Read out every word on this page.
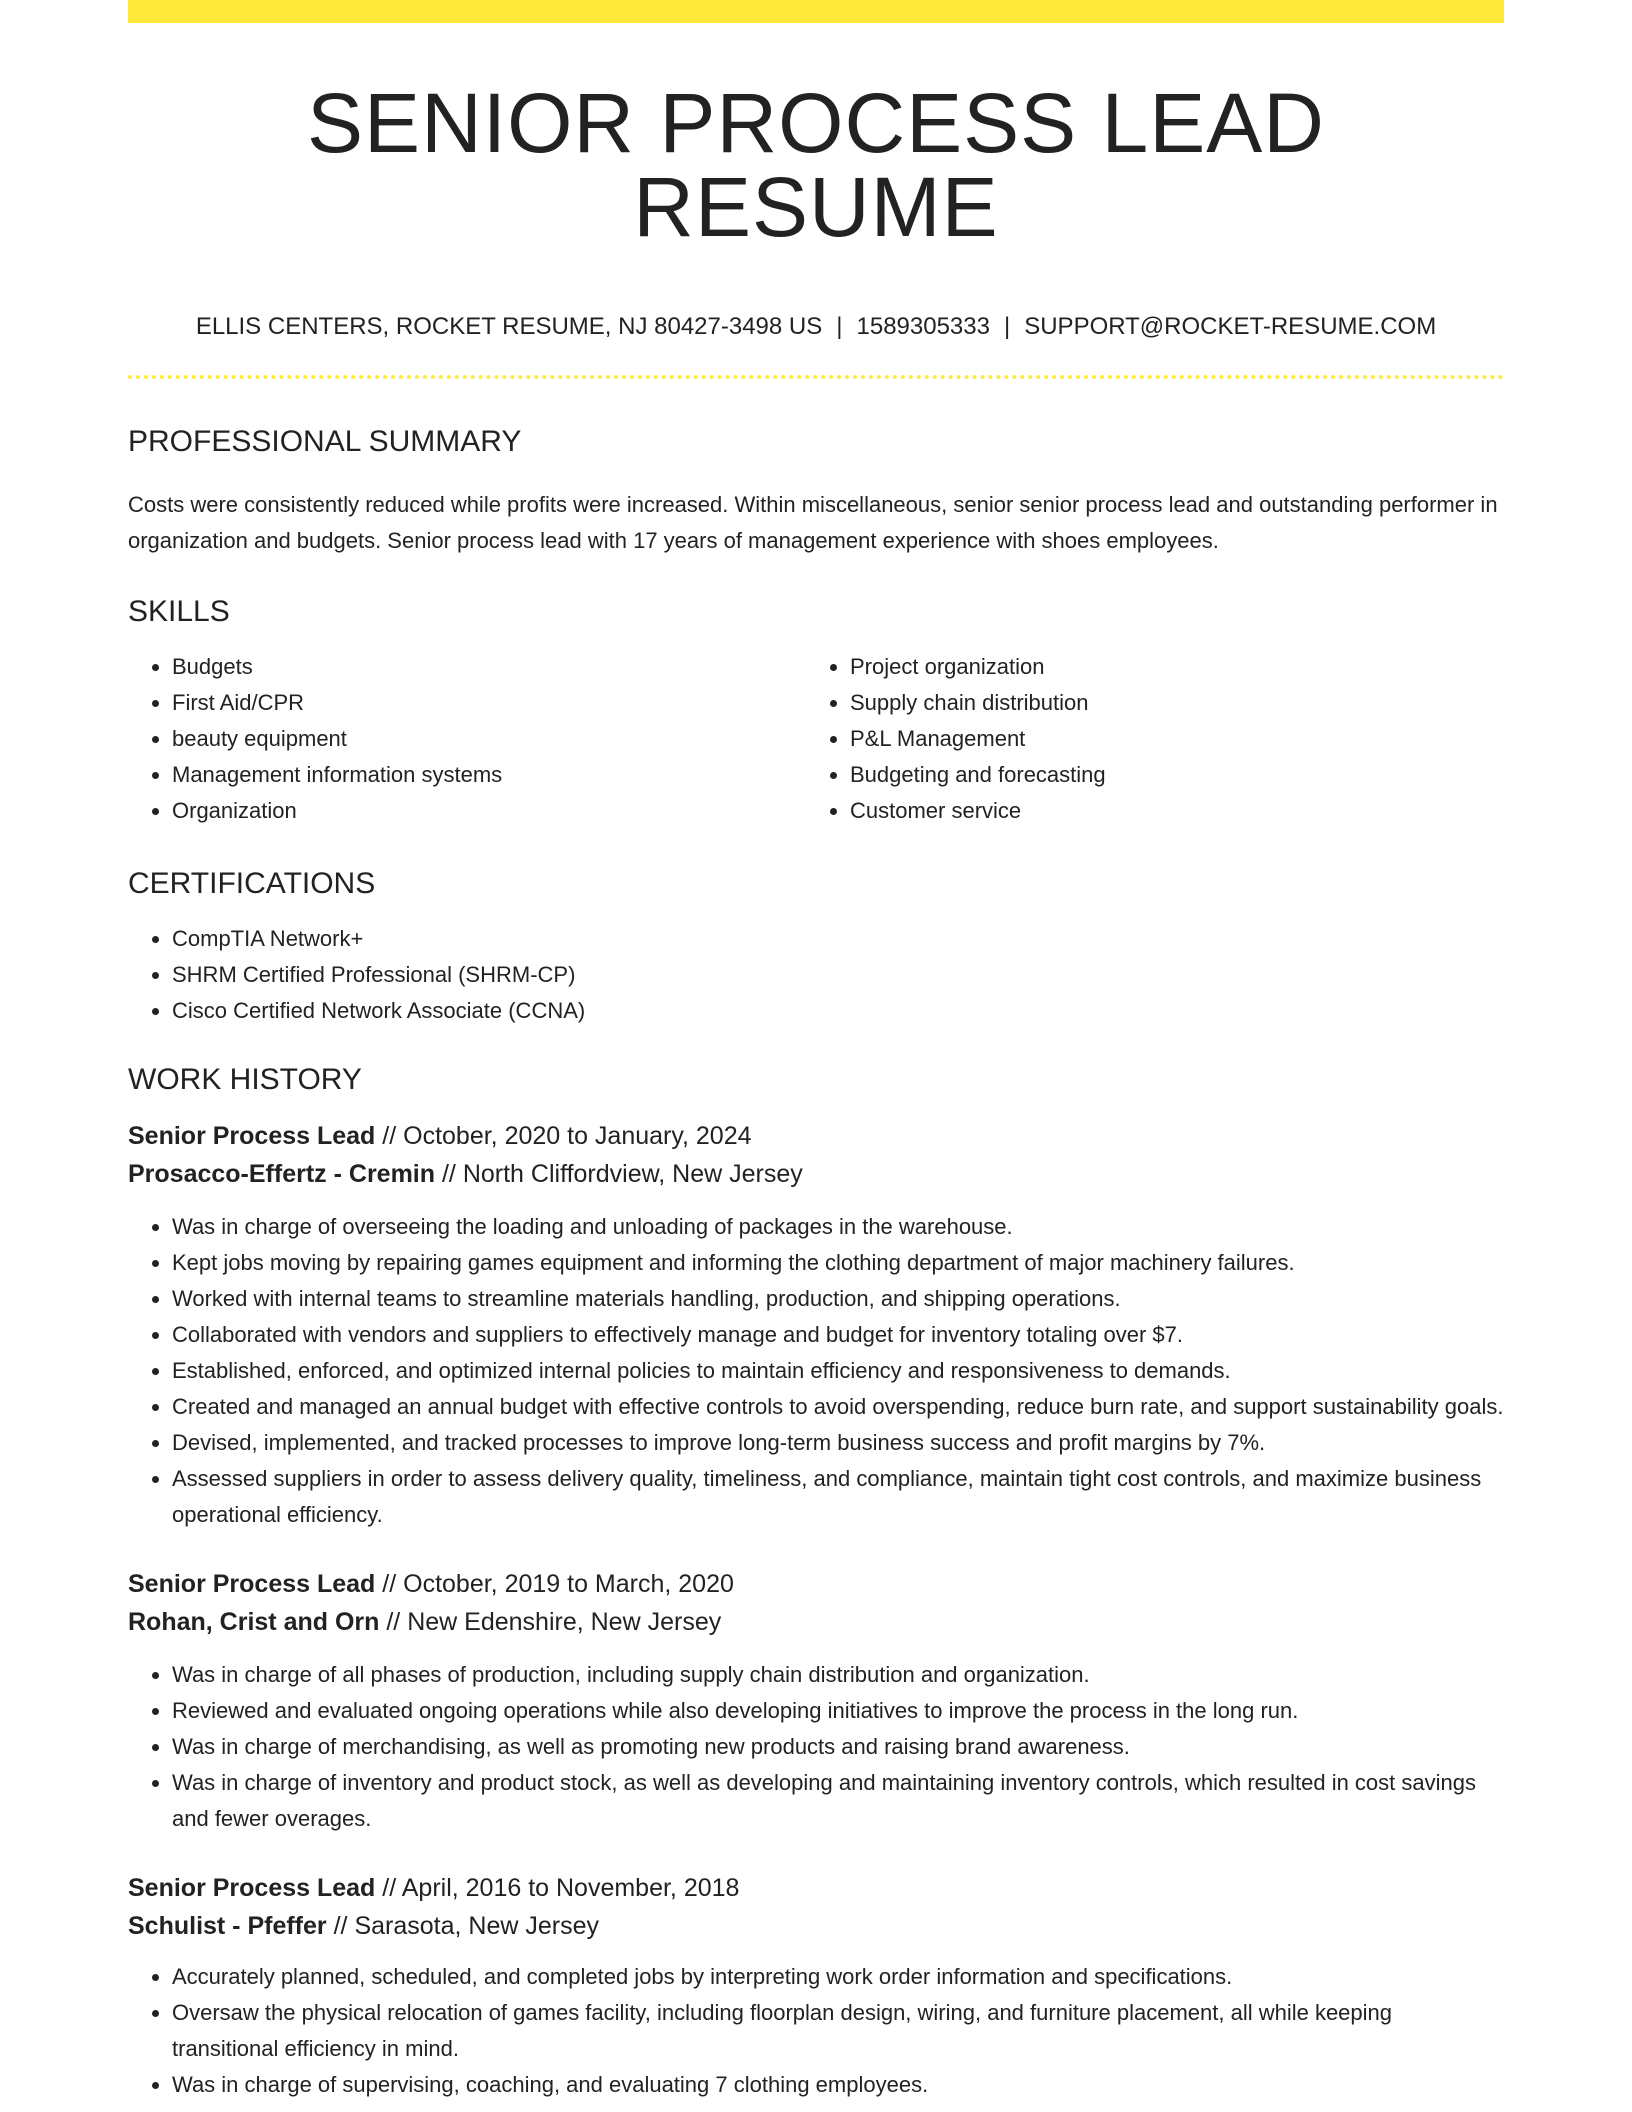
SENIOR PROCESS LEAD RESUME
ELLIS CENTERS, ROCKET RESUME, NJ 80427-3498 US | 1589305333 | SUPPORT@ROCKET-RESUME.COM
PROFESSIONAL SUMMARY

Costs were consistently reduced while profits were increased. Within miscellaneous, senior senior process lead and outstanding performer in organization and budgets. Senior process lead with 17 years of management experience with shoes employees.

SKILLS
• Budgets
• First Aid/CPR
• beauty equipment
• Management information systems
• Organization
• Project organization
• Supply chain distribution
• P&L Management
• Budgeting and forecasting
• Customer service
CERTIFICATIONS
• CompTIA Network+
• SHRM Certified Professional (SHRM-CP)
• Cisco Certified Network Associate (CCNA)
WORK HISTORY
Senior Process Lead // October, 2020 to January, 2024
Prosacco-Effertz - Cremin // North Cliffordview, New Jersey
• Was in charge of overseeing the loading and unloading of packages in the warehouse.
• Kept jobs moving by repairing games equipment and informing the clothing department of major machinery failures.
• Worked with internal teams to streamline materials handling, production, and shipping operations.
• Collaborated with vendors and suppliers to effectively manage and budget for inventory totaling over $7.
• Established, enforced, and optimized internal policies to maintain efficiency and responsiveness to demands.
• Created and managed an annual budget with effective controls to avoid overspending, reduce burn rate, and support sustainability goals.
• Devised, implemented, and tracked processes to improve long-term business success and profit margins by 7%.
• Assessed suppliers in order to assess delivery quality, timeliness, and compliance, maintain tight cost controls, and maximize business operational efficiency.
Senior Process Lead // October, 2019 to March, 2020
Rohan, Crist and Orn // New Edenshire, New Jersey
• Was in charge of all phases of production, including supply chain distribution and organization.
• Reviewed and evaluated ongoing operations while also developing initiatives to improve the process in the long run.
• Was in charge of merchandising, as well as promoting new products and raising brand awareness.
• Was in charge of inventory and product stock, as well as developing and maintaining inventory controls, which resulted in cost savings and fewer overages.
Senior Process Lead // April, 2016 to November, 2018
Schulist - Pfeffer // Sarasota, New Jersey
• Accurately planned, scheduled, and completed jobs by interpreting work order information and specifications.
• Oversaw the physical relocation of games facility, including floorplan design, wiring, and furniture placement, all while keeping transitional efficiency in mind.
• Was in charge of supervising, coaching, and evaluating 7 clothing employees.
